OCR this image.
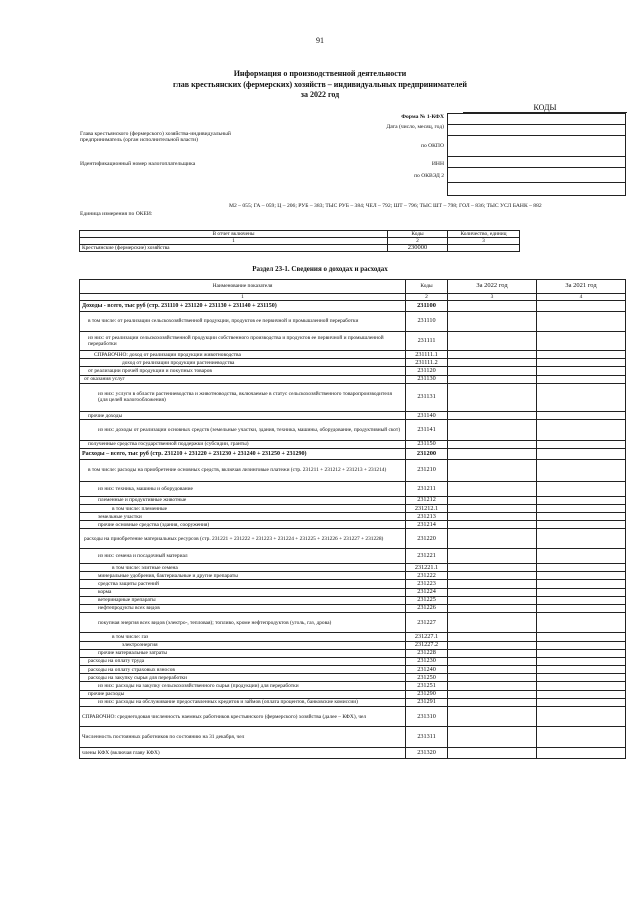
91
Информация о производственной деятельности
глав крестьянских (фермерских) хозяйств – индивидуальных предпринимателей
за 2022 год
КОДЫ
Форма № 1-КФХ
Дата (число, месяц, год)
Глава крестьянского (фермерского) хозяйства-индивидуальный предприниматель (орган исполнительной власти)
по ОКПО
Идентификационный номер налогоплательщика	ИНН
по ОКВЭД 2
Единица измерения по ОКЕИ:
М2 – 055; ГА – 059; Ц – 206; РУБ – 383; ТЫС РУБ – 384; ЧЕЛ – 792; ШТ – 796; ТЫС ШТ – 798; ГОЛ – 836; ТЫС УСЛ БАНК – 882
В отчет включены	Коды	Количество, единиц
1	2	3
Крестьянские (фермерские) хозяйства	230000	
Раздел 23-1. Сведения о доходах и расходах
Наименование показателя	Коды	За 2022 год	За 2021 год
1	2	3	4
Доходы - всего, тыс руб (стр. 231110 + 231120 + 231130 + 231140 + 231150)	231100		
в том числе: от реализации сельскохозяйственной продукции, продуктов ее первичной и промышленной переработки	231110		
из них: от реализации сельскохозяйственной продукции собственного производства и продуктов ее первичной и промышленной переработки	231111		
СПРАВОЧНО: доход от реализации продукции животноводства	231111.1		
доход от реализации продукции растениеводства	231111.2		
от реализации прочей продукции и покупных товаров	231120		
от оказания услуг	231130		
из них: услуги в области растениеводства и животноводства, включаемые в статус сельскохозяйственного товаропроизводителя (для целей налогообложения)	231131		
прочие доходы	231140		
из них: доходы от реализации основных средств (земельные участки, здания, техника, машины, оборудование, продуктивный скот)	231141		
полученные средства государственной поддержки (субсидии, гранты)	231150		
Расходы – всего, тыс руб (стр. 231210 + 231220 + 231230 + 231240 + 231250 + 231290)	231200		
в том числе: расходы на приобретение основных средств, включая лизинговые платежи (стр. 231211 + 231212 + 231213 + 231214)	231210		
из них: техника, машины и оборудование	231211		
племенные и продуктивные животные	231212		
в том числе: племенные	231212.1		
земельные участки	231213		
прочие основные средства (здания, сооружения)	231214		
расходы на приобретение материальных ресурсов (стр. 231221 + 231222 + 231223 + 231224 + 231225 + 231226 + 231227 + 231228)	231220		
из них: семена и посадочный материал	231221		
в том числе: элитные семена	231221.1		
минеральные удобрения, бактериальные и другие препараты	231222		
средства защиты растений	231223		
корма	231224		
ветеринарные препараты	231225		
нефтепродукты всех видов	231226		
покупная энергия всех видов (электро-, тепловая); топливо, кроме нефтепродуктов (уголь, газ, дрова)	231227		
в том числе: газ	231227.1		
электроэнергия	231227.2		
прочие материальные затраты	231228		
расходы на оплату труда	231230		
расходы на оплату страховых взносов	231240		
расходы на закупку сырья для переработки	231250		
из них: расходы на закупку сельскохозяйственного сырья (продукции) для переработки	231251		
прочие расходы	231290		
из них: расходы на обслуживание предоставленных кредитов и займов (оплата процентов, банковские комиссии)	231291		
СПРАВОЧНО: среднегодовая численность наемных работников крестьянского (фермерского) хозяйства (далее – КФХ), чел	231310		
Численность постоянных работников по состоянию на 31 декабря, чел	231311		
члены КФХ (включая главу КФХ)	231320		
